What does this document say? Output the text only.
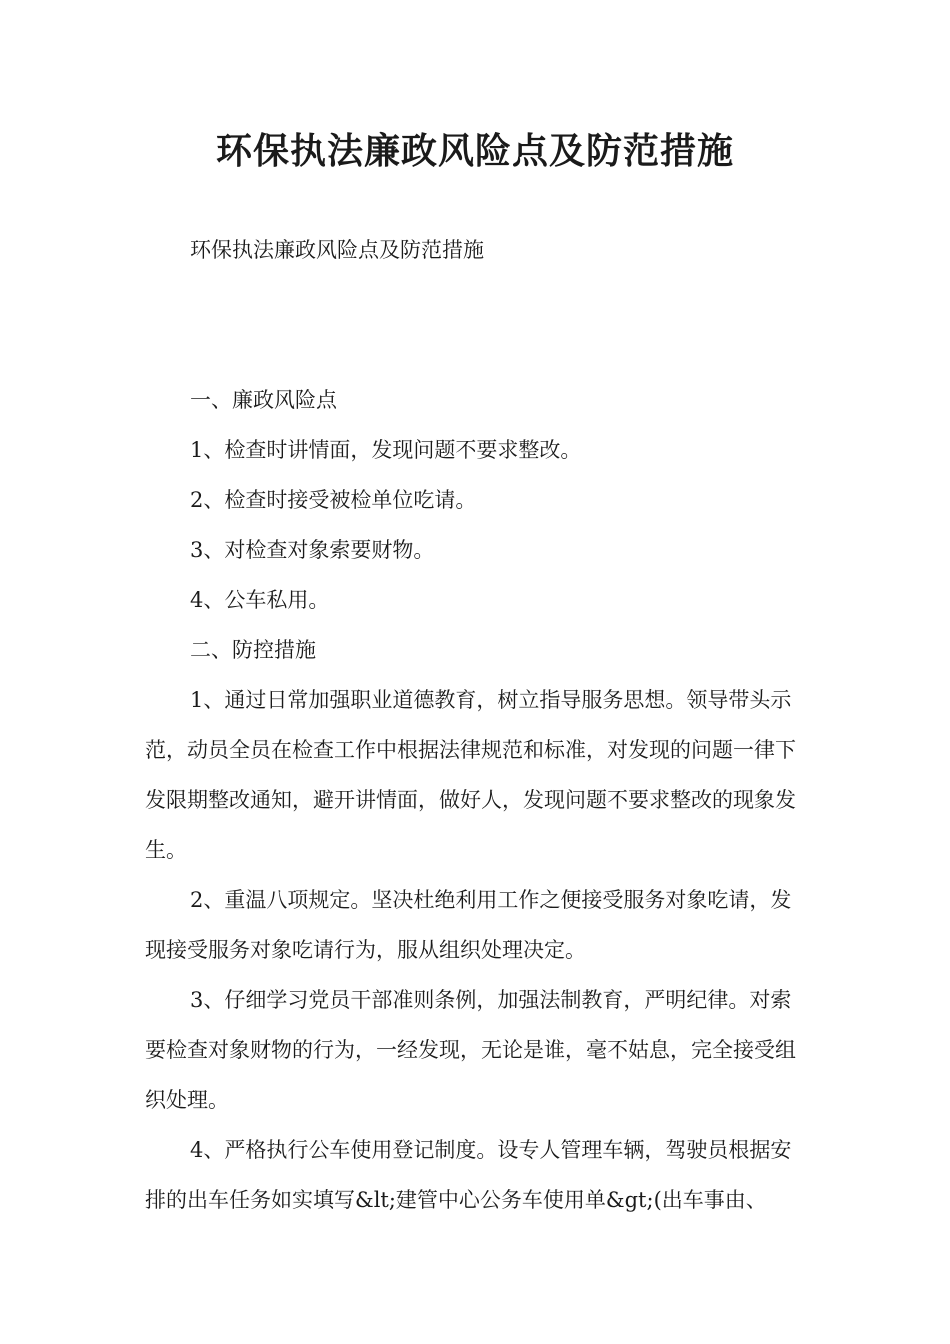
环保执法廉政风险点及防范措施

环保执法廉政风险点及防范措施

一、廉政风险点

1、检查时讲情面，发现问题不要求整改。

2、检查时接受被检单位吃请。

3、对检查对象索要财物。

4、公车私用。

二、防控措施

1、通过日常加强职业道德教育，树立指导服务思想。领导带头示范，动员全员在检查工作中根据法律规范和标准，对发现的问题一律下发限期整改通知，避开讲情面，做好人，发现问题不要求整改的现象发生。

2、重温八项规定。坚决杜绝利用工作之便接受服务对象吃请，发现接受服务对象吃请行为，服从组织处理决定。

3、仔细学习党员干部准则条例，加强法制教育，严明纪律。对索要检查对象财物的行为，一经发现，无论是谁，毫不姑息，完全接受组织处理。

4、严格执行公车使用登记制度。设专人管理车辆，驾驶员根据安排的出车任务如实填写&lt;建管中心公务车使用单&gt;(出车事由、
